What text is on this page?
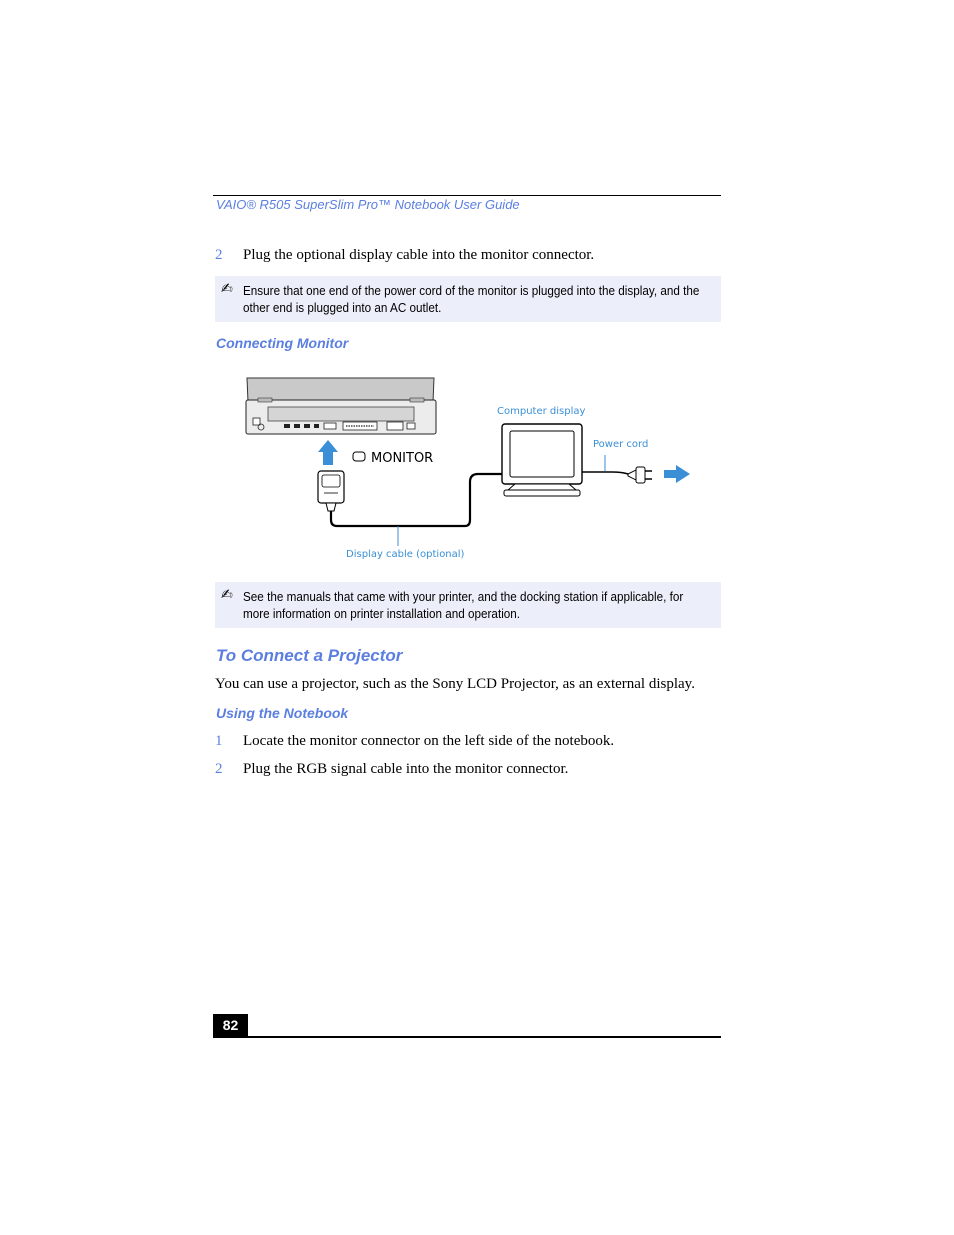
VAIO® R505 SuperSlim Pro™ Notebook User Guide
2 Plug the optional display cable into the monitor connector.
✍ Ensure that one end of the power cord of the monitor is plugged into the display, and the other end is plugged into an AC outlet.
Connecting Monitor
MONITOR
Display cable (optional)
Computer display
Power cord
✍ See the manuals that came with your printer, and the docking station if applicable, for more information on printer installation and operation.
To Connect a Projector
You can use a projector, such as the Sony LCD Projector, as an external display.
Using the Notebook
1 Locate the monitor connector on the left side of the notebook.
2 Plug the RGB signal cable into the monitor connector.
82
